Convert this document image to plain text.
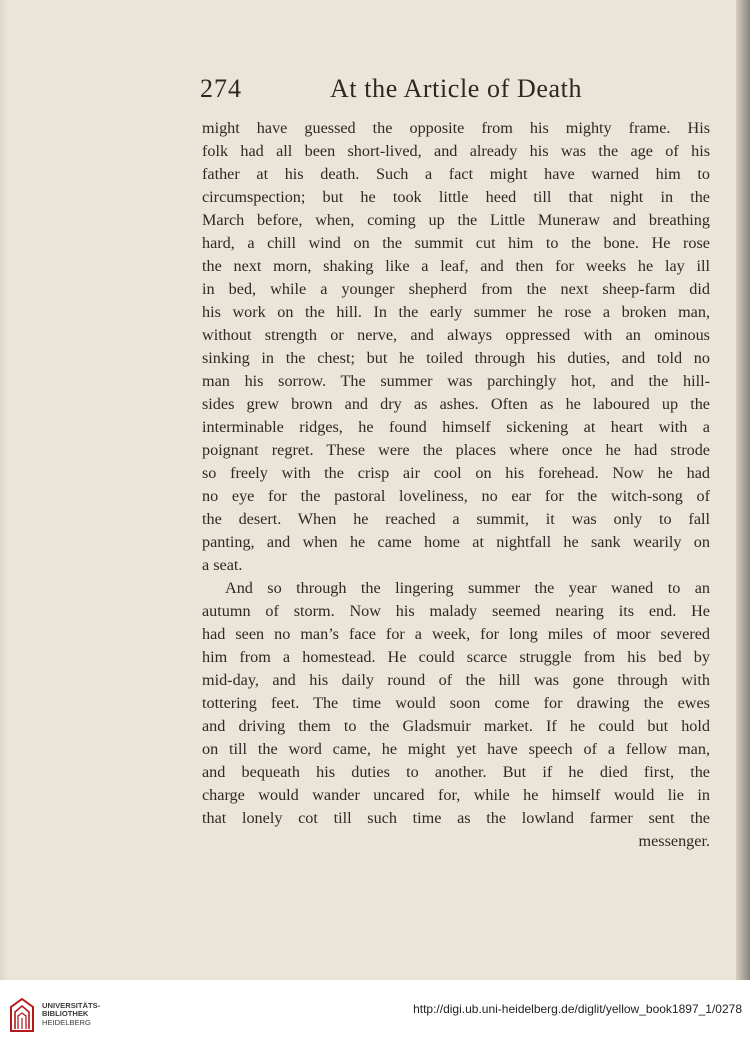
274	At the Article of Death
might have guessed the opposite from his mighty frame. His
folk had all been short-lived, and already his was the age of his
father at his death. Such a fact might have warned him to
circumspection; but he took little heed till that night in the
March before, when, coming up the Little Muneraw and breathing
hard, a chill wind on the summit cut him to the bone. He rose
the next morn, shaking like a leaf, and then for weeks he lay ill
in bed, while a younger shepherd from the next sheep-farm did
his work on the hill. In the early summer he rose a broken man,
without strength or nerve, and always oppressed with an ominous
sinking in the chest; but he toiled through his duties, and told no
man his sorrow. The summer was parchingly hot, and the hill-
sides grew brown and dry as ashes. Often as he laboured up the
interminable ridges, he found himself sickening at heart with a
poignant regret. These were the places where once he had strode
so freely with the crisp air cool on his forehead. Now he had
no eye for the pastoral loveliness, no ear for the witch-song of
the desert. When he reached a summit, it was only to fall
panting, and when he came home at nightfall he sank wearily on
a seat.
And so through the lingering summer the year waned to an
autumn of storm. Now his malady seemed nearing its end. He
had seen no man’s face for a week, for long miles of moor severed
him from a homestead. He could scarce struggle from his bed by
mid-day, and his daily round of the hill was gone through with
tottering feet. The time would soon come for drawing the ewes
and driving them to the Gladsmuir market. If he could but hold
on till the word came, he might yet have speech of a fellow man,
and bequeath his duties to another. But if he died first, the
charge would wander uncared for, while he himself would lie in
that lonely cot till such time as the lowland farmer sent the
messenger.
UNIVERSITÄTS-
BIBLIOTHEK
HEIDELBERG
http://digi.ub.uni-heidelberg.de/diglit/yellow_book1897_1/0278
